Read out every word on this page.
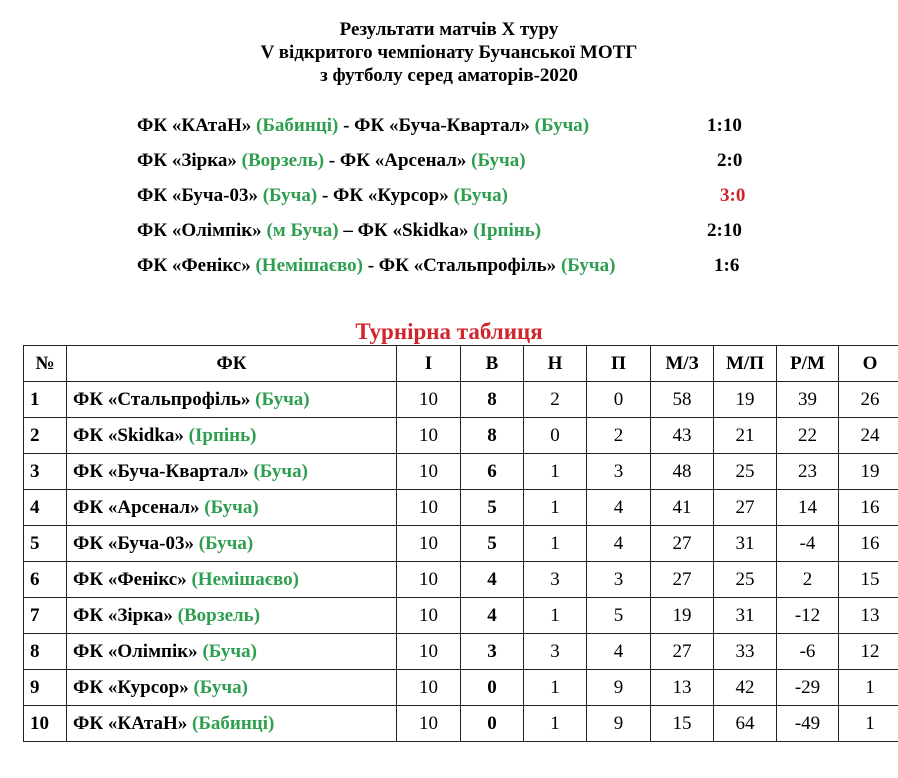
Результати матчів X туру
V відкритого чемпіонату Бучанської МОТГ
з футболу серед аматорів-2020
ФК «КАтаН» (Бабинці) - ФК «Буча-Квартал» (Буча)	1:10
ФК «Зірка» (Ворзель) - ФК «Арсенал» (Буча)	2:0
ФК «Буча-03» (Буча) - ФК «Курсор» (Буча)	3:0
ФК «Олімпік» (м Буча) – ФК «Skidka» (Ірпінь)	2:10
ФК «Фенікс» (Немішаєво) - ФК «Стальпрофіль» (Буча)	1:6
Турнірна таблиця
№	ФК	І	В	Н	П	М/З	М/П	Р/М	О
1	ФК «Стальпрофіль» (Буча)	10	8	2	0	58	19	39	26
2	ФК «Skidka» (Ірпінь)	10	8	0	2	43	21	22	24
3	ФК «Буча-Квартал» (Буча)	10	6	1	3	48	25	23	19
4	ФК «Арсенал» (Буча)	10	5	1	4	41	27	14	16
5	ФК «Буча-03» (Буча)	10	5	1	4	27	31	-4	16
6	ФК «Фенікс» (Немішаєво)	10	4	3	3	27	25	2	15
7	ФК «Зірка» (Ворзель)	10	4	1	5	19	31	-12	13
8	ФК «Олімпік» (Буча)	10	3	3	4	27	33	-6	12
9	ФК «Курсор» (Буча)	10	0	1	9	13	42	-29	1
10	ФК «КАтаН» (Бабинці)	10	0	1	9	15	64	-49	1
